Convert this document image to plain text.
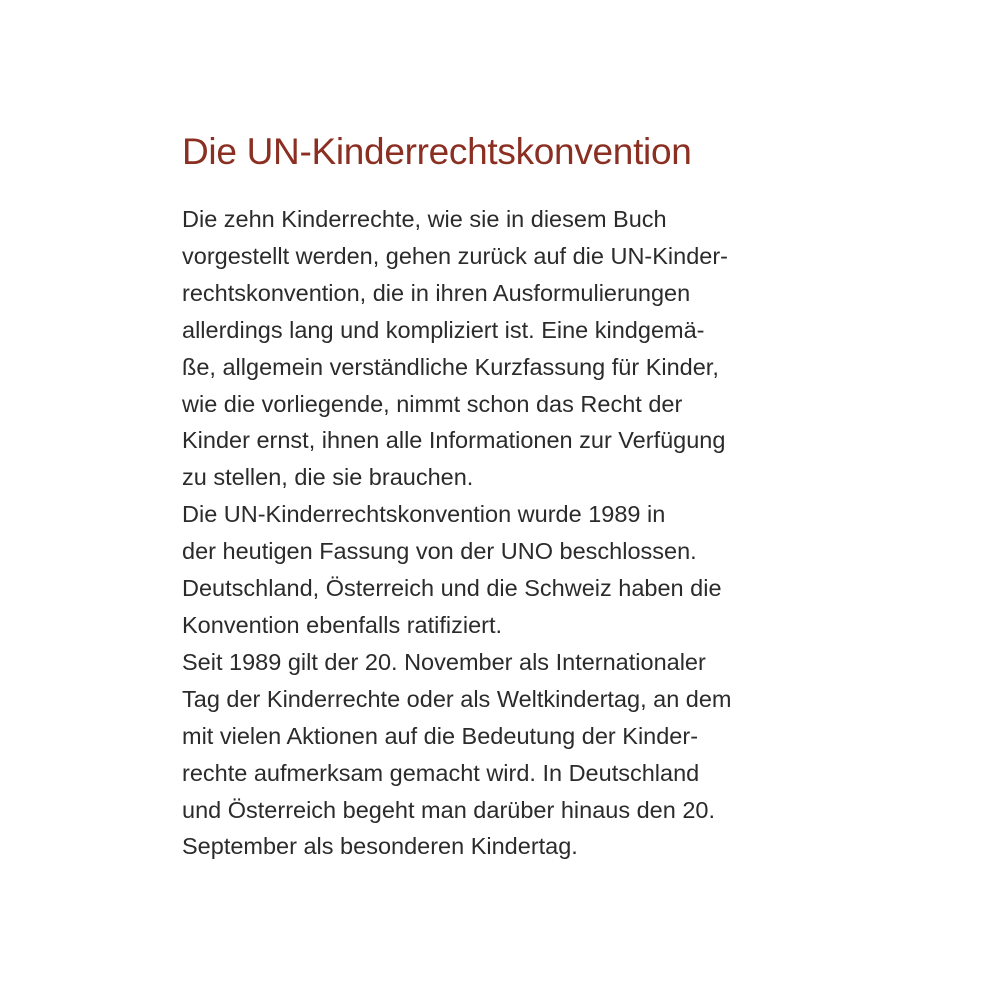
Die UN-Kinderrechtskonvention
Die zehn Kinderrechte, wie sie in diesem Buch
vorgestellt werden, gehen zurück auf die UN-Kinder-
rechtskonvention, die in ihren Ausformulierungen
allerdings lang und kompliziert ist. Eine kindgemä-
ße, allgemein verständliche Kurzfassung für Kinder,
wie die vorliegende, nimmt schon das Recht der
Kinder ernst, ihnen alle Informationen zur Verfügung
zu stellen, die sie brauchen.
Die UN-Kinderrechtskonvention wurde 1989 in
der heutigen Fassung von der UNO beschlossen.
Deutschland, Österreich und die Schweiz haben die
Konvention ebenfalls ratifiziert.
Seit 1989 gilt der 20. November als Internationaler
Tag der Kinderrechte oder als Weltkindertag, an dem
mit vielen Aktionen auf die Bedeutung der Kinder-
rechte aufmerksam gemacht wird. In Deutschland
und Österreich begeht man darüber hinaus den 20.
September als besonderen Kindertag.
